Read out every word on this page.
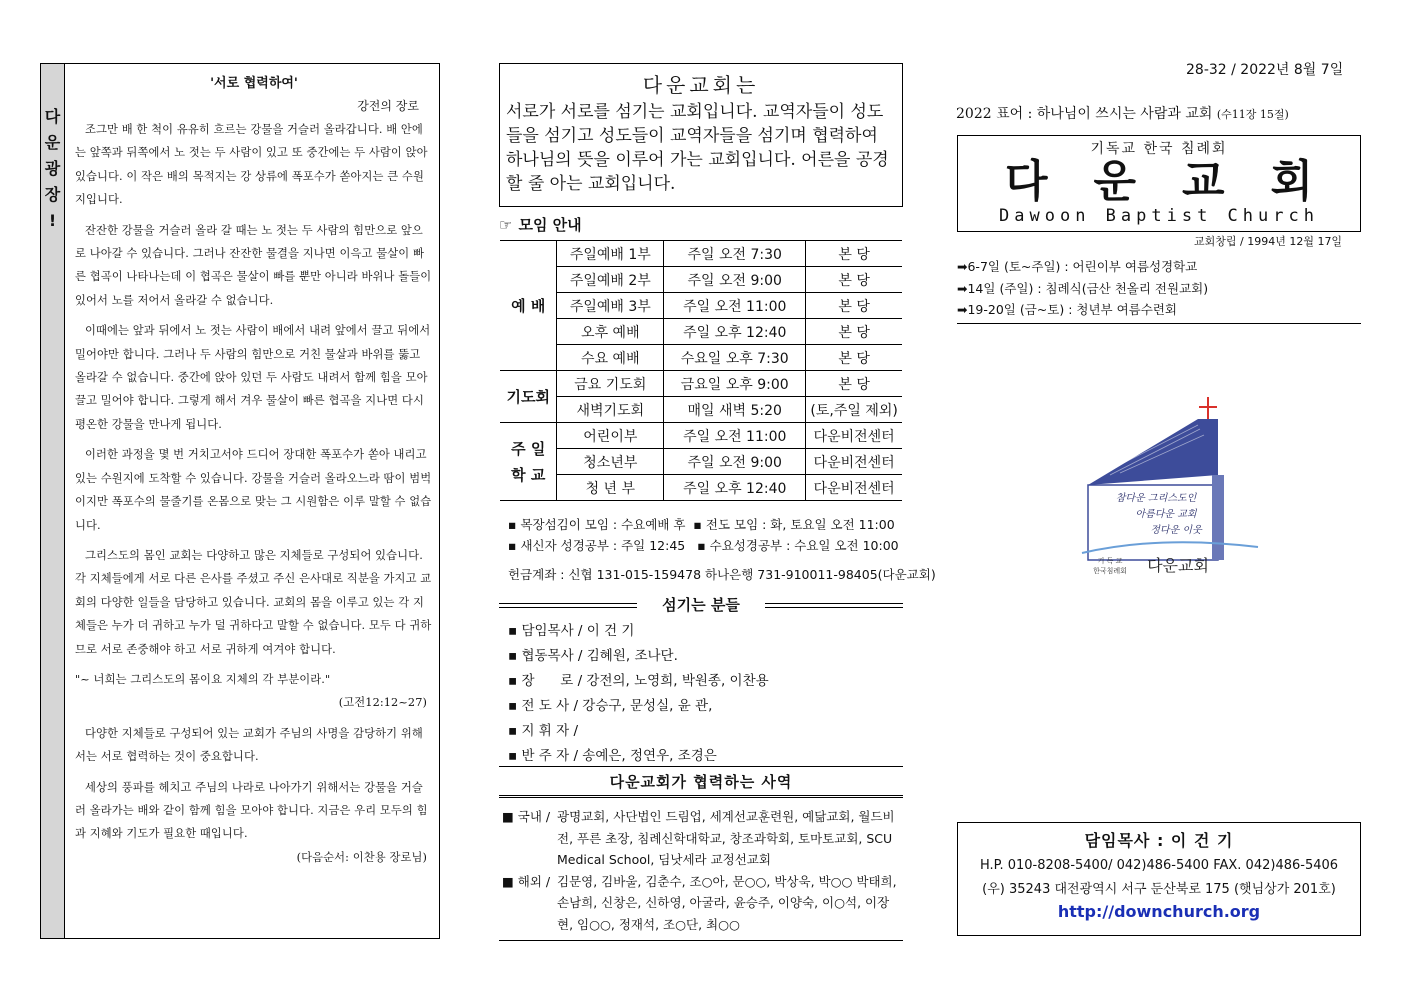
다
운
광
장
!
'서로 협력하여'
강전의 장로

조그만 배 한 척이 유유히 흐르는 강물을 거슬러 올라갑니다. 배 안에는 앞쪽과 뒤쪽에서 노 젓는 두 사람이 있고 또 중간에는 두 사람이 앉아 있습니다. 이 작은 배의 목적지는 강 상류에 폭포수가 쏟아지는 큰 수원지입니다.

잔잔한 강물을 거슬러 올라 갈 때는 노 젓는 두 사람의 힘만으로 앞으로 나아갈 수 있습니다. 그러나 잔잔한 물결을 지나면 이윽고 물살이 빠른 협곡이 나타나는데 이 협곡은 물살이 빠를 뿐만 아니라 바위나 돌들이 있어서 노를 저어서 올라갈 수 없습니다.

이때에는 앞과 뒤에서 노 젓는 사람이 배에서 내려 앞에서 끌고 뒤에서 밀어야만 합니다. 그러나 두 사람의 힘만으로 거친 물살과 바위를 뚫고 올라갈 수 없습니다. 중간에 앉아 있던 두 사람도 내려서 함께 힘을 모아 끌고 밀어야 합니다. 그렇게 해서 겨우 물살이 빠른 협곡을 지나면 다시 평온한 강물을 만나게 됩니다.

이러한 과정을 몇 번 거치고서야 드디어 장대한 폭포수가 쏟아 내리고 있는 수원지에 도착할 수 있습니다. 강물을 거슬러 올라오느라 땀이 범벅이지만 폭포수의 물줄기를 온몸으로 맞는 그 시원함은 이루 말할 수 없습니다.

그리스도의 몸인 교회는 다양하고 많은 지체들로 구성되어 있습니다. 각 지체들에게 서로 다른 은사를 주셨고 주신 은사대로 직분을 가지고 교회의 다양한 일들을 담당하고 있습니다. 교회의 몸을 이루고 있는 각 지체들은 누가 더 귀하고 누가 덜 귀하다고 말할 수 없습니다. 모두 다 귀하므로 서로 존중해야 하고 서로 귀하게 여겨야 합니다.

"~ 너희는 그리스도의 몸이요 지체의 각 부분이라."

(고전12:12~27)

다양한 지체들로 구성되어 있는 교회가 주님의 사명을 감당하기 위해서는 서로 협력하는 것이 중요합니다.

세상의 풍파를 헤치고 주님의 나라로 나아가기 위해서는 강물을 거슬러 올라가는 배와 같이 함께 힘을 모아야 합니다. 지금은 우리 모두의 힘과 지혜와 기도가 필요한 때입니다.

(다음순서: 이찬용 장로님)

다운교회는
서로가 서로를 섬기는 교회입니다. 교역자들이 성도들을 섬기고 성도들이 교역자들을 섬기며 협력하여 하나님의 뜻을 이루어 가는 교회입니다. 어른을 공경할 줄 아는 교회입니다.
☞ 모임 안내
예 배	주일예배 1부	주일 오전 7:30	본 당
	주일예배 2부	주일 오전 9:00	본 당
	주일예배 3부	주일 오전 11:00	본 당
	오후 예배	주일 오후 12:40	본 당
	수요 예배	수요일 오후 7:30	본 당
기도회	금요 기도회	금요일 오후 9:00	본 당
	새벽기도회	매일 새벽 5:20	(토,주일 제외)
주 일
학 교	어린이부	주일 오전 11:00	다운비전센터
	청소년부	주일 오전 9:00	다운비전센터
	청 년 부	주일 오후 12:40	다운비전센터
▪ 목장섬김이 모임 : 수요예배 후 ▪ 전도 모임 : 화, 토요일 오전 11:00
▪ 새신자 성경공부 : 주일 12:45 ▪ 수요성경공부 : 수요일 오전 10:00
헌금계좌 : 신협 131-015-159478 하나은행 731-910011-98405(다운교회)
섬기는 분들
▪ 담임목사 / 이 건 기
▪ 협동목사 / 김혜원, 조나단.
▪ 장      로 / 강전의, 노영희, 박원종, 이찬용
▪ 전 도 사 / 강승구, 문성실, 윤 관,
▪ 지 휘 자 /
▪ 반 주 자 / 송예은, 정연우, 조경은
다운교회가 협력하는 사역
■ 국내 / 광명교회, 사단법인 드림업, 세계선교훈련원, 예닮교회, 월드비전, 푸른 초장, 침례신학대학교, 창조과학회, 토마토교회, SCU Medical School, 딤낫세라 교정선교회
■ 해외 / 김문영, 김바울, 김춘수, 조○아, 문○○, 박상욱, 박○○ 박태희, 손남희, 신창은, 신하영, 아굴라, 윤승주, 이양숙, 이○석, 이장현, 임○○, 정재석, 조○단, 최○○
28-32 / 2022년 8월 7일
2022 표어 : 하나님이 쓰시는 사람과 교회 (수11장 15절)
기독교 한국 침례회
다운교회
Dawoon Baptist Church
교회창립 / 1994년 12월 17일
➡6-7일 (토~주일) : 어린이부 여름성경학교
➡14일 (주일) : 침례식(금산 천올리 전원교회)
➡19-20일 (금~토) : 청년부 여름수련회
참다운 그리스도인
아름다운 교회
정다운 이웃
기 독 교
한국침례회 다운교회
담임목사 : 이 건 기
H.P. 010-8208-5400/ 042)486-5400 FAX. 042)486-5406
(우) 35243 대전광역시 서구 둔산북로 175 (햇님상가 201호)
http://downchurch.org
